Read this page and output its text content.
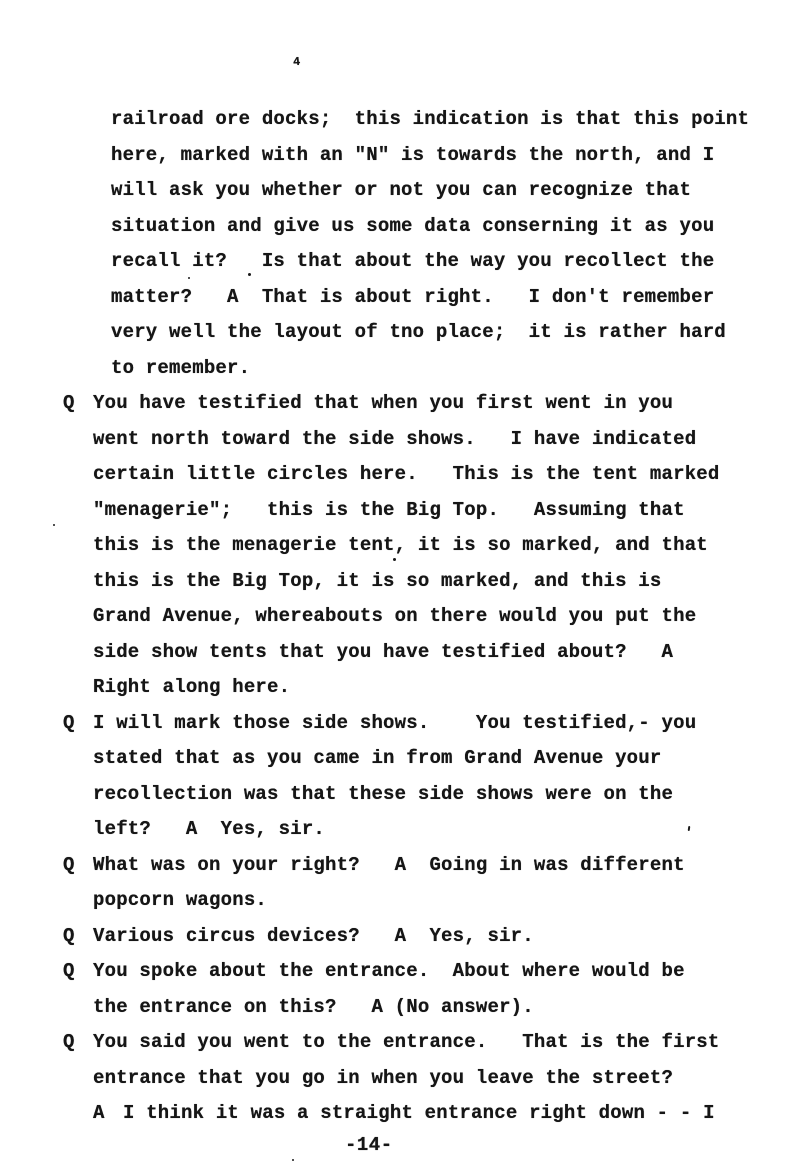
4
railroad ore docks;  this indication is that this point
here, marked with an "N" is towards the north, and I
will ask you whether or not you can recognize that
situation and give us some data conserning it as you
recall it?   Is that about the way you recollect the
matter?   A  That is about right.   I don't remember
very well the layout of tno place;  it is rather hard
to remember.
Q You have testified that when you first went in you
went north toward the side shows.   I have indicated
certain little circles here.   This is the tent marked
"menagerie";   this is the Big Top.   Assuming that
this is the menagerie tent, it is so marked, and that
this is the Big Top, it is so marked, and this is
Grand Avenue, whereabouts on there would you put the
side show tents that you have testified about?   A
Right along here.
Q I will mark those side shows.    You testified,- you
stated that as you came in from Grand Avenue your
recollection was that these side shows were on the
left?   A  Yes, sir.
Q What was on your right?   A  Going in was different
popcorn wagons.
Q Various circus devices?   A  Yes, sir.
Q You spoke about the entrance.  About where would be
the entrance on this?   A (No answer).
Q You said you went to the entrance.   That is the first
entrance that you go in when you leave the street?
A I think it was a straight entrance right down - - I
-14-
